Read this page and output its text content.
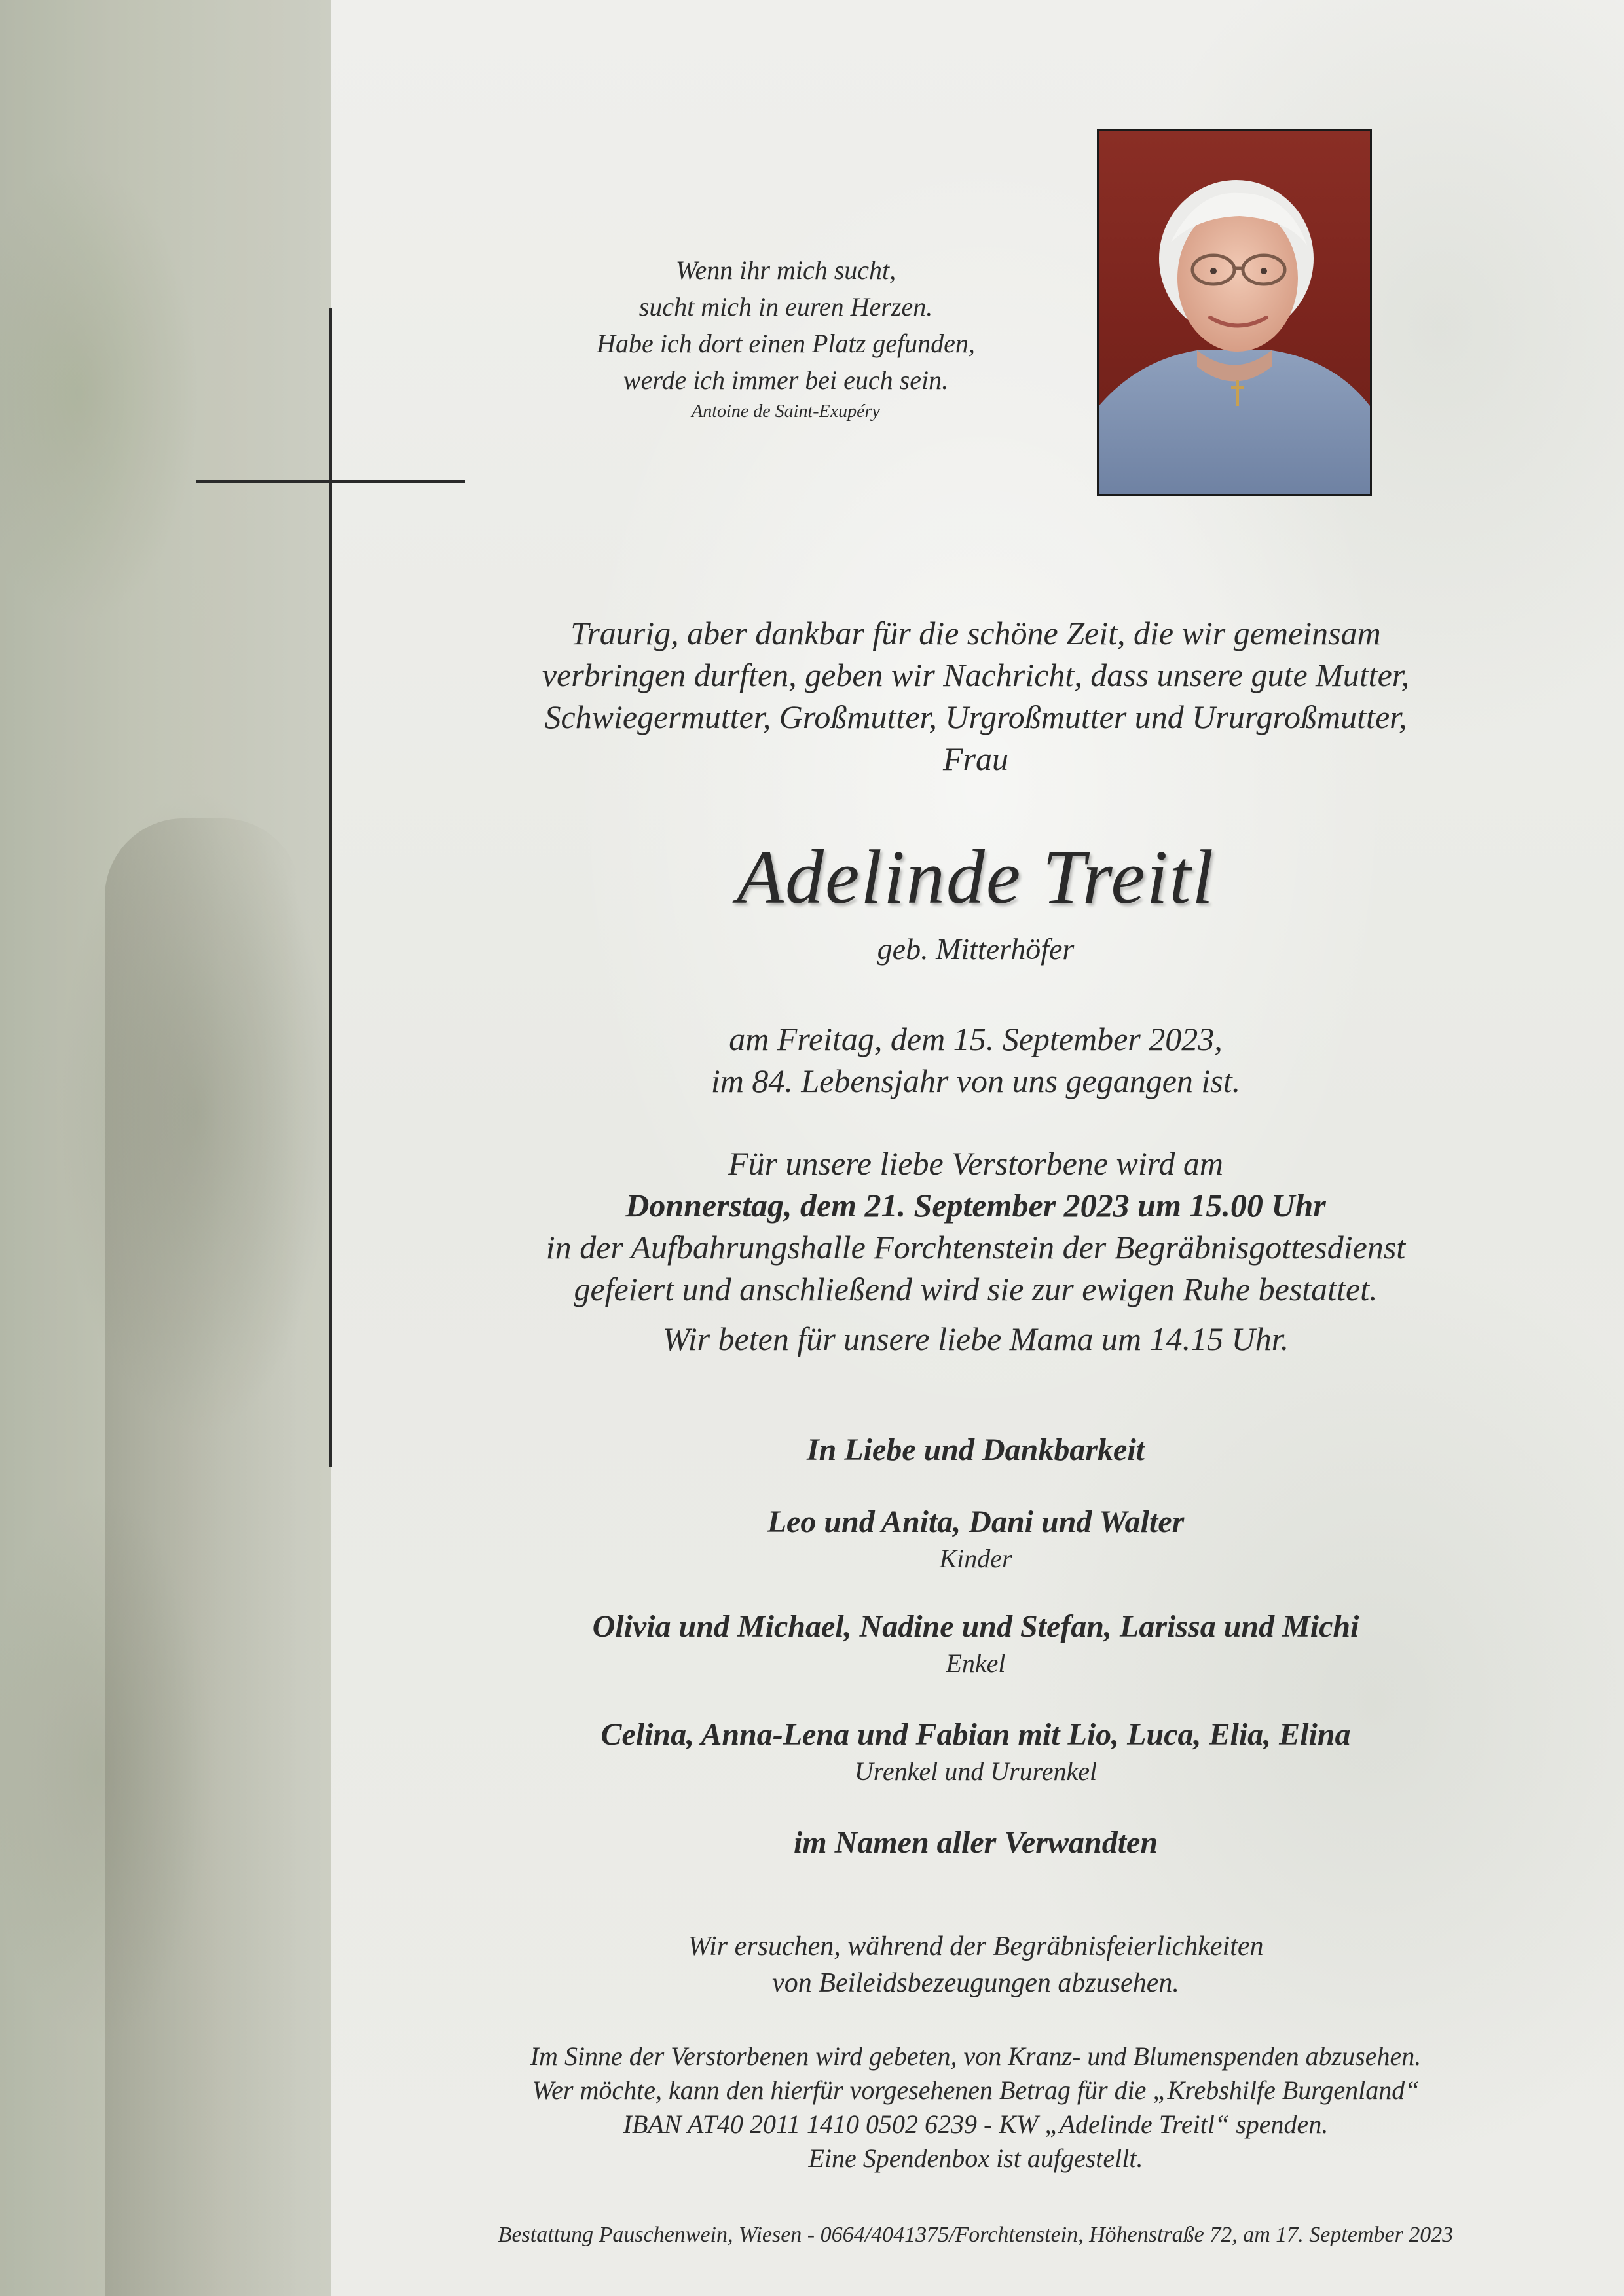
Wenn ihr mich sucht,
sucht mich in euren Herzen.
Habe ich dort einen Platz gefunden,
werde ich immer bei euch sein.

Antoine de Saint-Exupéry
Traurig, aber dankbar für die schöne Zeit, die wir gemeinsam
verbringen durften, geben wir Nachricht, dass unsere gute Mutter,
Schwiegermutter, Großmutter, Urgroßmutter und Ururgroßmutter,
Frau
Adelinde Treitl
geb. Mitterhöfer
am Freitag, dem 15. September 2023,
im 84. Lebensjahr von uns gegangen ist.
Für unsere liebe Verstorbene wird am
Donnerstag, dem 21. September 2023 um 15.00 Uhr
in der Aufbahrungshalle Forchtenstein der Begräbnisgottesdienst
gefeiert und anschließend wird sie zur ewigen Ruhe bestattet.
Wir beten für unsere liebe Mama um 14.15 Uhr.
In Liebe und Dankbarkeit
Leo und Anita, Dani und Walter
Kinder
Olivia und Michael, Nadine und Stefan, Larissa und Michi
Enkel
Celina, Anna-Lena und Fabian mit Lio, Luca, Elia, Elina
Urenkel und Ururenkel
im Namen aller Verwandten
Wir ersuchen, während der Begräbnisfeierlichkeiten
von Beileidsbezeugungen abzusehen.
Im Sinne der Verstorbenen wird gebeten, von Kranz- und Blumenspenden abzusehen.
Wer möchte, kann den hierfür vorgesehenen Betrag für die „Krebshilfe Burgenland“
IBAN AT40 2011 1410 0502 6239 - KW „Adelinde Treitl“ spenden.
Eine Spendenbox ist aufgestellt.
Bestattung Pauschenwein, Wiesen - 0664/4041375/Forchtenstein, Höhenstraße 72, am 17. September 2023
